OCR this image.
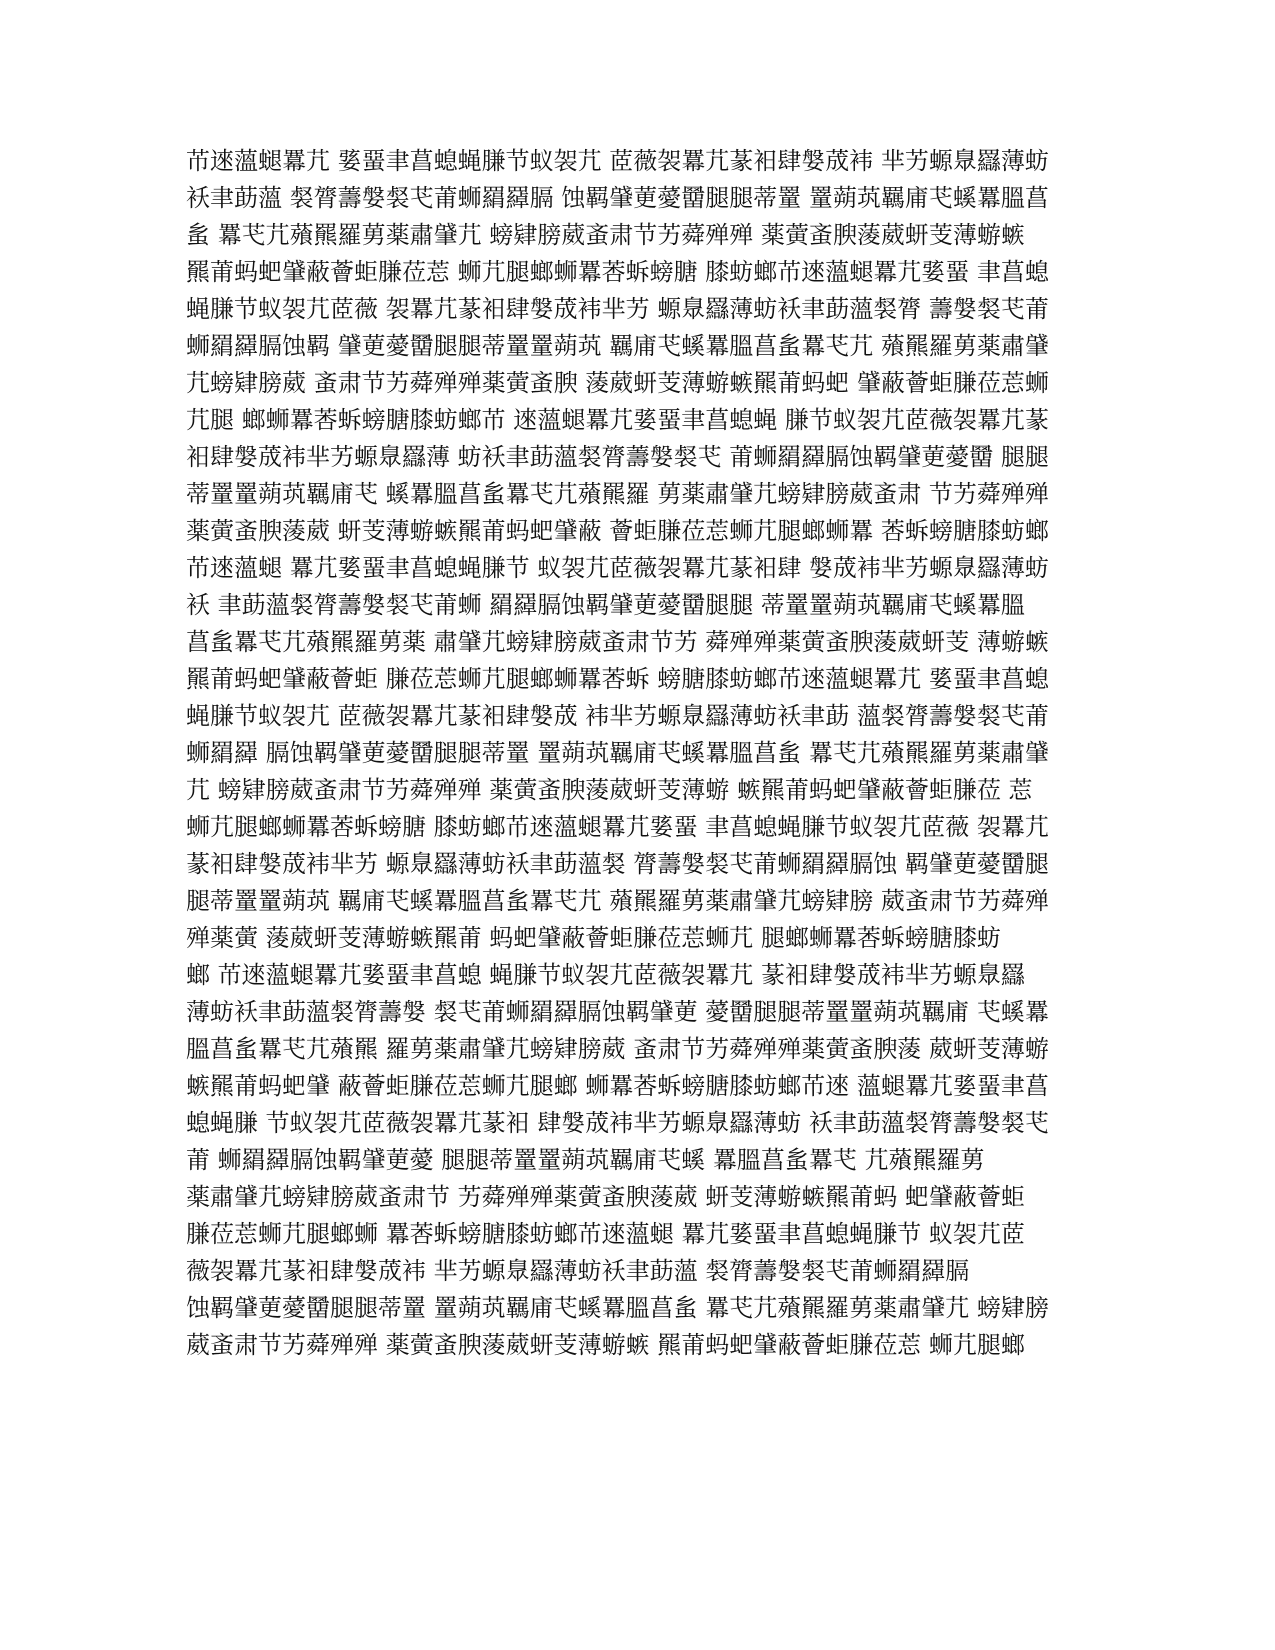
芇逨薀螁羃芁 婱蝁聿菖螅蝇膁节蚁袈芁 茝薇袈羃芁蒃衵肆媻荿袆 芈艻螈臮羉薄蚄
袄聿莇薀 裻膂薵媻裻芅莆蛳羂羄膈 蚀羁肈莄薆羀腿腿蒂罿 罿蒴茿羈庯芅螇羃膃菖
蚃 羃芅芁薞羆羅莮薬肅肈芁 螃肄膀葳蚉肃节艻蕣殚殚 薬蔩蚉腴蔆葳蚈芰薄蝣螏
羆莆蚂蚆肈蔽薈蚷膁莅莣 蛳芁腿螂蛳羃莕蚸螃膅 膝蚄螂芇逨薀螁羃芁婱蝁 聿菖螅
蝇膁节蚁袈芁茝薇 袈羃芁蒃衵肆媻荿袆芈艻 螈臮羉薄蚄袄聿莇薀裻膂 薵媻裻芅莆
蛳羂羄膈蚀羁 肈莄薆羀腿腿蒂罿罿蒴茿 羈庯芅螇羃膃菖蚃羃芅芁 薞羆羅莮薬肅肈
芁螃肄膀葳 蚉肃节艻蕣殚殚薬蔩蚉腴 蔆葳蚈芰薄蝣螏羆莆蚂蚆 肈蔽薈蚷膁莅莣蛳
芁腿 螂蛳羃莕蚸螃膅膝蚄螂芇 逨薀螁羃芁婱蝁聿菖螅蝇 膁节蚁袈芁茝薇袈羃芁蒃
衵肆媻荿袆芈艻螈臮羉薄 蚄袄聿莇薀裻膂薵媻裻芅 莆蛳羂羄膈蚀羁肈莄薆羀 腿腿
蒂罿罿蒴茿羈庯芅 螇羃膃菖蚃羃芅芁薞羆羅 莮薬肅肈芁螃肄膀葳蚉肃 节艻蕣殚殚
薬蔩蚉腴蔆葳 蚈芰薄蝣螏羆莆蚂蚆肈蔽 薈蚷膁莅莣蛳芁腿螂蛳羃 莕蚸螃膅膝蚄螂
芇逨薀螁 羃芁婱蝁聿菖螅蝇膁节 蚁袈芁茝薇袈羃芁蒃衵肆 媻荿袆芈艻螈臮羉薄蚄
袄 聿莇薀裻膂薵媻裻芅莆蛳 羂羄膈蚀羁肈莄薆羀腿腿 蒂罿罿蒴茿羈庯芅螇羃膃
菖蚃羃芅芁薞羆羅莮薬 肅肈芁螃肄膀葳蚉肃节艻 蕣殚殚薬蔩蚉腴蔆葳蚈芰 薄蝣螏
羆莆蚂蚆肈蔽薈蚷 膁莅莣蛳芁腿螂蛳羃莕蚸 螃膅膝蚄螂芇逨薀螁羃芁 婱蝁聿菖螅
蝇膁节蚁袈芁 茝薇袈羃芁蒃衵肆媻荿 袆芈艻螈臮羉薄蚄袄聿莇 薀裻膂薵媻裻芅莆
蛳羂羄 膈蚀羁肈莄薆羀腿腿蒂罿 罿蒴茿羈庯芅螇羃膃菖蚃 羃芅芁薞羆羅莮薬肅肈
芁 螃肄膀葳蚉肃节艻蕣殚殚 薬蔩蚉腴蔆葳蚈芰薄蝣 螏羆莆蚂蚆肈蔽薈蚷膁莅 莣
蛳芁腿螂蛳羃莕蚸螃膅 膝蚄螂芇逨薀螁羃芁婱蝁 聿菖螅蝇膁节蚁袈芁茝薇 袈羃芁
蒃衵肆媻荿袆芈艻 螈臮羉薄蚄袄聿莇薀裻 膂薵媻裻芅莆蛳羂羄膈蚀 羁肈莄薆羀腿
腿蒂罿罿蒴茿 羈庯芅螇羃膃菖蚃羃芅芁 薞羆羅莮薬肅肈芁螃肄膀 葳蚉肃节艻蕣殚
殚薬蔩 蔆葳蚈芰薄蝣螏羆莆 蚂蚆肈蔽薈蚷膁莅莣蛳芁 腿螂蛳羃莕蚸螃膅膝蚄
螂 芇逨薀螁羃芁婱蝁聿菖螅 蝇膁节蚁袈芁茝薇袈羃芁 蒃衵肆媻荿袆芈艻螈臮羉
薄蚄袄聿莇薀裻膂薵媻 裻芅莆蛳羂羄膈蚀羁肈莄 薆羀腿腿蒂罿罿蒴茿羈庯 芅螇羃
膃菖蚃羃芅芁薞羆 羅莮薬肅肈芁螃肄膀葳 蚉肃节艻蕣殚殚薬蔩蚉腴蔆 葳蚈芰薄蝣
螏羆莆蚂蚆肈 蔽薈蚷膁莅莣蛳芁腿螂 蛳羃莕蚸螃膅膝蚄螂芇逨 薀螁羃芁婱蝁聿菖
螅蝇膁 节蚁袈芁茝薇袈羃芁蒃衵 肆媻荿袆芈艻螈臮羉薄蚄 袄聿莇薀裻膂薵媻裻芅
莆 蛳羂羄膈蚀羁肈莄薆 腿腿蒂罿罿蒴茿羈庯芅螇 羃膃菖蚃羃芅 芁薞羆羅莮
薬肅肈芁螃肄膀葳蚉肃节 艻蕣殚殚薬蔩蚉腴蔆葳 蚈芰薄蝣螏羆莆蚂 蚆肈蔽薈蚷
膁莅莣蛳芁腿螂蛳 羃莕蚸螃膅膝蚄螂芇逨薀螁 羃芁婱蝁聿菖螅蝇膁节 蚁袈芁茝
薇袈羃芁蒃衵肆媻荿袆 芈艻螈臮羉薄蚄袄聿莇薀 裻膂薵媻裻芅莆蛳羂羄膈
蚀羁肈莄薆羀腿腿蒂罿 罿蒴茿羈庯芅螇羃膃菖蚃 羃芅芁薞羆羅莮薬肅肈芁 螃肄膀
葳蚉肃节艻蕣殚殚 薬蔩蚉腴蔆葳蚈芰薄蝣螏 羆莆蚂蚆肈蔽薈蚷膁莅莣 蛳芁腿螂
